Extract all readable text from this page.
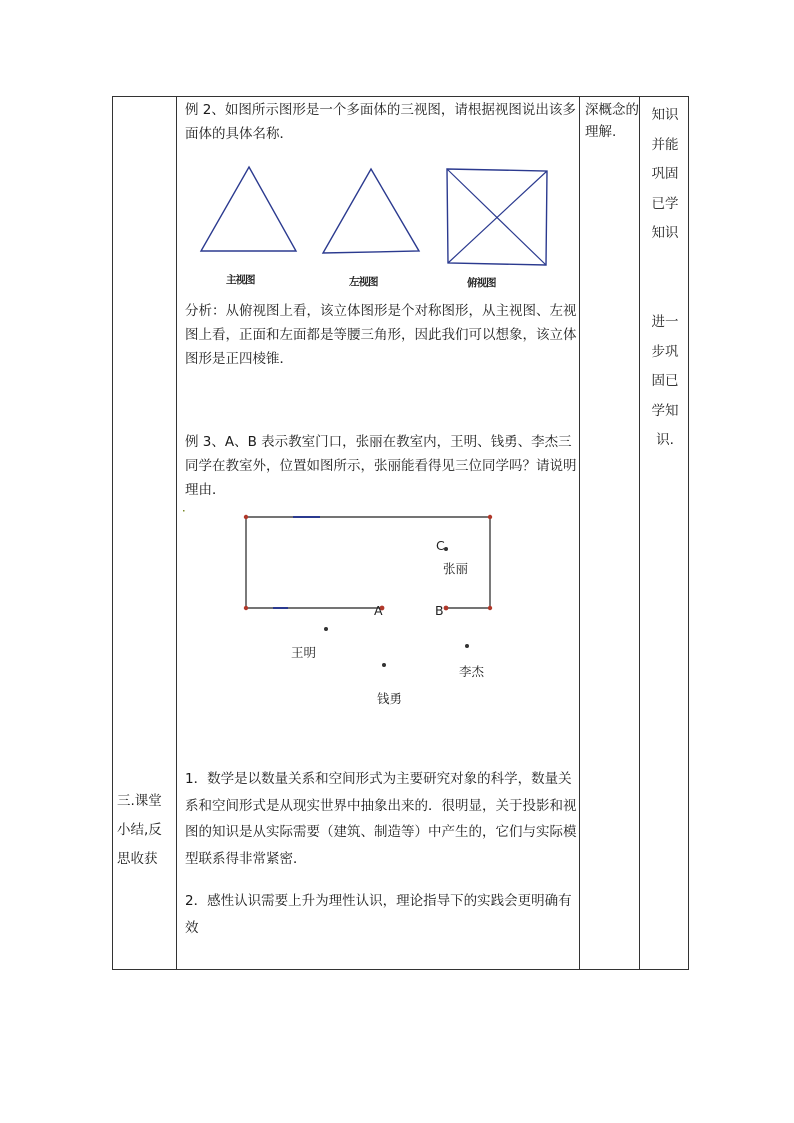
三.课堂小结,反思收获
例 2、如图所示图形是一个多面体的三视图，请根据视图说出该多面体的具体名称．
主视图	左视图	俯视图
分析：从俯视图上看，该立体图形是个对称图形，从主视图、左视图上看，正面和左面都是等腰三角形，因此我们可以想象，该立体图形是正四棱锥．
例 3、A、B 表示教室门口，张丽在教室内，王明、钱勇、李杰三同学在教室外，位置如图所示，张丽能看得见三位同学吗？请说明理由．
C
张丽
A	B
王明
李杰
钱勇
1．数学是以数量关系和空间形式为主要研究对象的科学，数量关系和空间形式是从现实世界中抽象出来的．很明显，关于投影和视图的知识是从实际需要（建筑、制造等）中产生的，它们与实际模型联系得非常紧密．
2．感性认识需要上升为理性认识，理论指导下的实践会更明确有效
深概念的理解.
知识并能巩固已学知识
进一步巩固已学知识.
